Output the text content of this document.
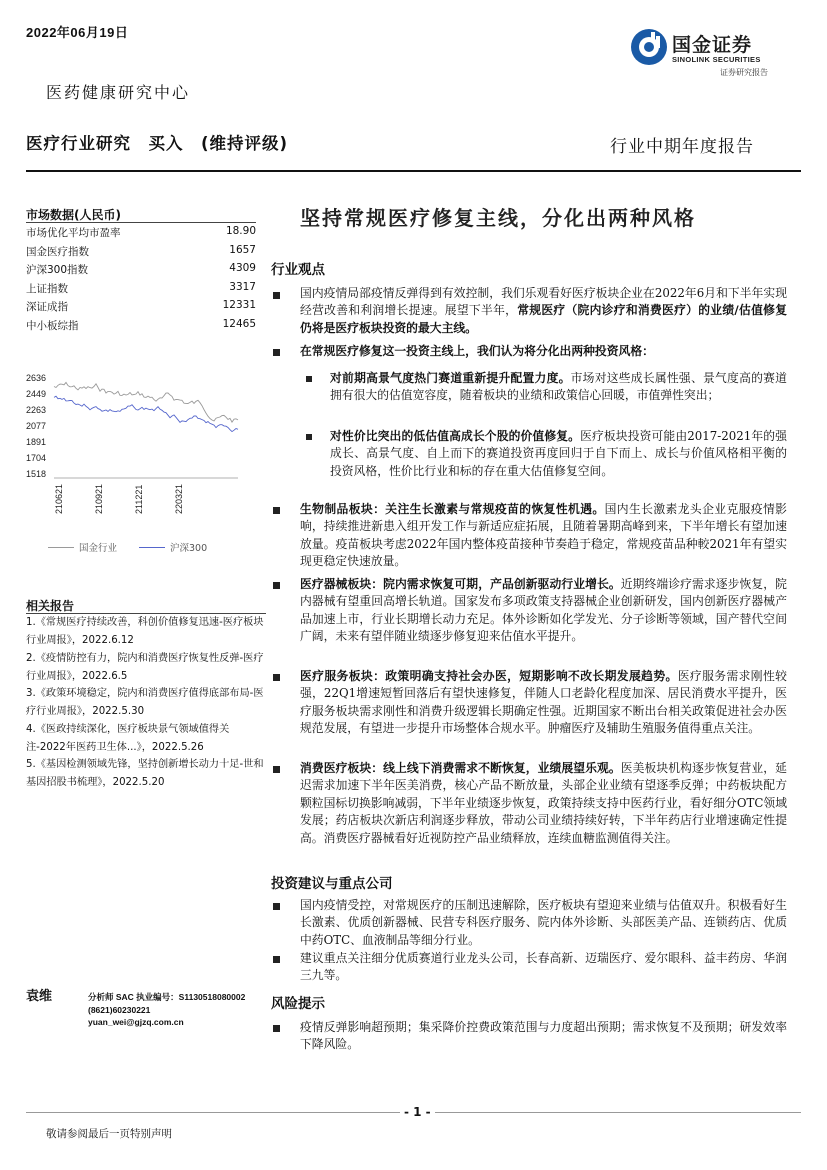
2022年06月19日
国金证券
SINOLINK SECURITIES
证券研究报告
医药健康研究中心
医疗行业研究　买入　(维持评级)	行业中期年度报告
市场数据(人民币)
2636
2449
2263
2077
1891
1704
1518
210621	210921	211221	220321
国金行业	沪深300
相关报告
1.《常规医疗持续改善，科创价值修复迅速-医疗板块行业周报》，2022.6.12
2.《疫情防控有力，院内和消费医疗恢复性反弹-医疗行业周报》，2022.6.5
3.《政策环境稳定，院内和消费医疗值得底部布局-医疗行业周报》，2022.5.30
4.《医政持续深化，医疗板块景气领域值得关注-2022年医药卫生体...》，2022.5.26
5.《基因检测领域先锋，坚持创新增长动力十足-世和基因招股书梳理》，2022.5.20
袁维	分析师 SAC 执业编号：S1130518080002
(8621)60230221
yuan_wei@gjzq.com.cn
坚持常规医疗修复主线，分化出两种风格
行业观点
国内疫情局部疫情反弹得到有效控制，我们乐观看好医疗板块企业在2022年6月和下半年实现经营改善和利润增长提速。展望下半年，常规医疗（院内诊疗和消费医疗）的业绩/估值修复仍将是医疗板块投资的最大主线。
在常规医疗修复这一投资主线上，我们认为将分化出两种投资风格：
对前期高景气度热门赛道重新提升配置力度。市场对这些成长属性强、景气度高的赛道拥有很大的估值宽容度，随着板块的业绩和政策信心回暖，市值弹性突出；
对性价比突出的低估值高成长个股的价值修复。医疗板块投资可能由2017-2021年的强成长、高景气度、自上而下的赛道投资再度回归于自下而上、成长与价值风格相平衡的投资风格，性价比行业和标的存在重大估值修复空间。
生物制品板块：关注生长激素与常规疫苗的恢复性机遇。国内生长激素龙头企业克服疫情影响，持续推进新患入组开发工作与新适应症拓展，且随着暑期高峰到来，下半年增长有望加速放量。疫苗板块考虑2022年国内整体疫苗接种节奏趋于稳定，常规疫苗品种較2021年有望实现更稳定快速放量。
医疗器械板块：院内需求恢复可期，产品创新驱动行业增长。近期终端诊疗需求逐步恢复，院内器械有望重回高增长轨道。国家发布多项政策支持器械企业创新研发，国内创新医疗器械产品加速上市，行业长期增长动力充足。体外诊断如化学发光、分子诊断等领域，国产替代空间广阔，未来有望伴随业绩逐步修复迎来估值水平提升。
医疗服务板块：政策明确支持社会办医，短期影响不改长期发展趋势。医疗服务需求刚性较强，22Q1增速短暂回落后有望快速修复，伴随人口老龄化程度加深、居民消费水平提升，医疗服务板块需求刚性和消费升级逻辑长期确定性强。近期国家不断出台相关政策促进社会办医规范发展，有望进一步提升市场整体合规水平。肿瘤医疗及辅助生殖服务值得重点关注。
消费医疗板块：线上线下消费需求不断恢复，业绩展望乐观。医美板块机构逐步恢复营业，延迟需求加速下半年医美消费，核心产品不断放量，头部企业业绩有望逐季反弹；中药板块配方颗粒国标切换影响减弱，下半年业绩逐步恢复，政策持续支持中医药行业，看好细分OTC领域发展；药店板块次新店利润逐步释放，带动公司业绩持续好转，下半年药店行业增速确定性提高。消费医疗器械看好近视防控产品业绩释放，连续血糖监测值得关注。
投资建议与重点公司
国内疫情受控，对常规医疗的压制迅速解除，医疗板块有望迎来业绩与估值双升。积极看好生长激素、优质创新器械、民营专科医疗服务、院内体外诊断、头部医美产品、连锁药店、优质中药OTC、血液制品等细分行业。
建议重点关注细分优质赛道行业龙头公司，长春高新、迈瑞医疗、爱尔眼科、益丰药房、华润三九等。
风险提示
疫情反弹影响超预期；集采降价控费政策范围与力度超出预期；需求恢复不及预期；研发效率下降风险。
- 1 -
敬请参阅最后一页特别声明
市场优化平均市盈率	18.90
国金医疗指数	1657
沪深300指数	4309
上证指数	3317
深证成指	12331
中小板综指	12465
